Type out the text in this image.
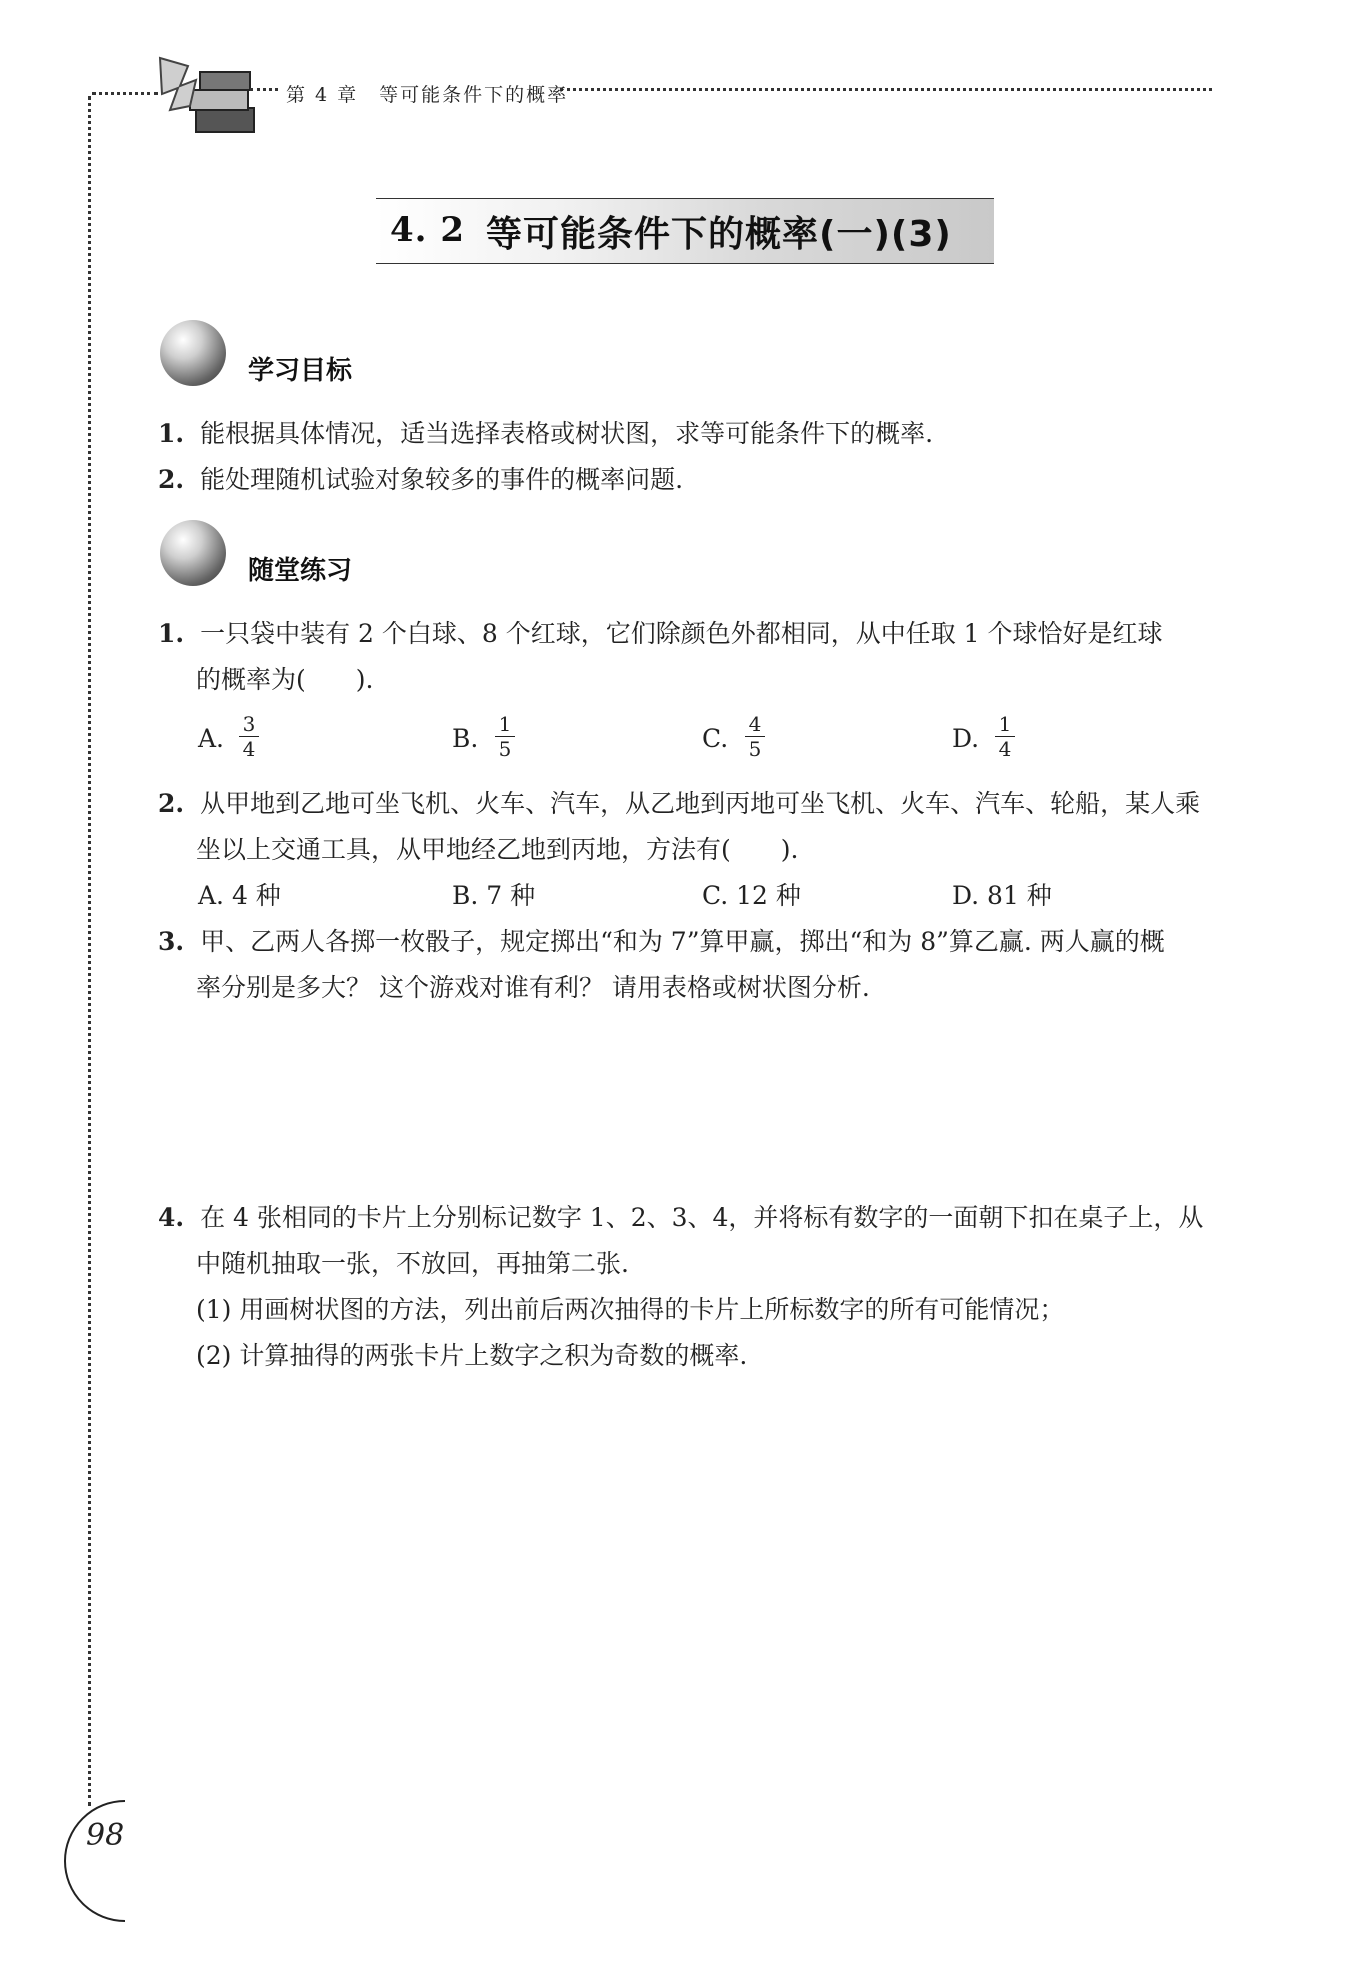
第 4 章　等可能条件下的概率
4. 2 等可能条件下的概率(一)(3)
学习目标
1. 能根据具体情况，适当选择表格或树状图，求等可能条件下的概率.
2. 能处理随机试验对象较多的事件的概率问题.
随堂练习
1. 一只袋中装有 2 个白球、8 个红球，它们除颜色外都相同，从中任取 1 个球恰好是红球
的概率为(　　).
A. 3
4	B. 1
5	C. 4
5	D. 1
4
2. 从甲地到乙地可坐飞机、火车、汽车，从乙地到丙地可坐飞机、火车、汽车、轮船，某人乘
坐以上交通工具，从甲地经乙地到丙地，方法有(　　).
A. 4 种	B. 7 种	C. 12 种	D. 81 种
3. 甲、乙两人各掷一枚骰子，规定掷出“和为 7”算甲赢，掷出“和为 8”算乙赢. 两人赢的概
率分别是多大？ 这个游戏对谁有利？ 请用表格或树状图分析.
4. 在 4 张相同的卡片上分别标记数字 1、2、3、4，并将标有数字的一面朝下扣在桌子上，从
中随机抽取一张，不放回，再抽第二张.
(1) 用画树状图的方法，列出前后两次抽得的卡片上所标数字的所有可能情况；
(2) 计算抽得的两张卡片上数字之积为奇数的概率.
98
